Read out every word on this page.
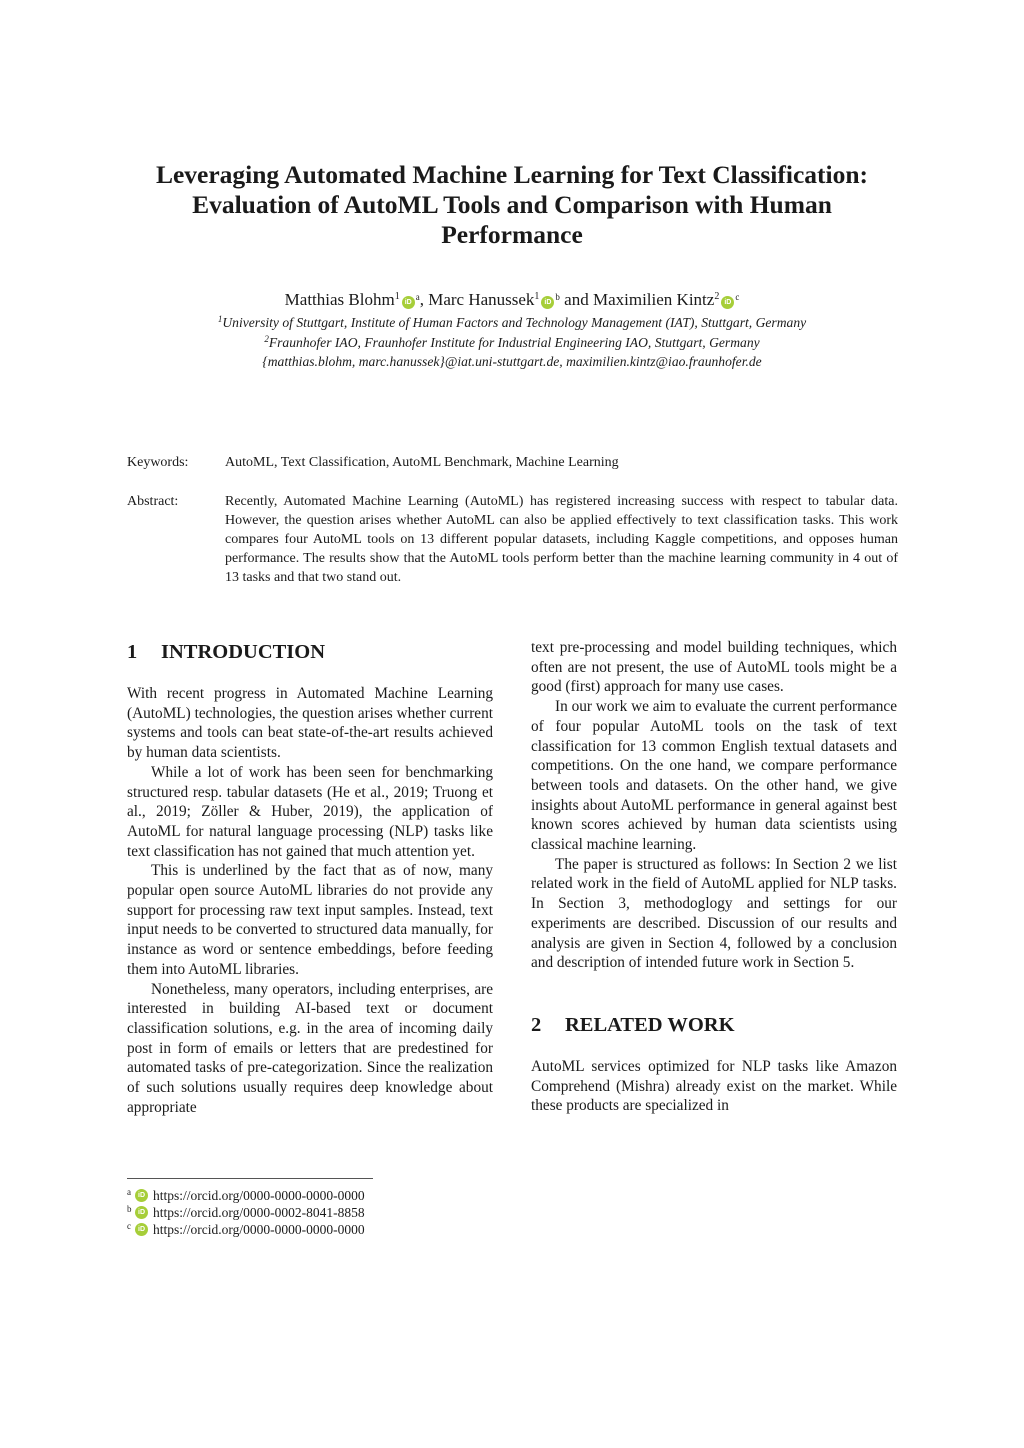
Leveraging Automated Machine Learning for Text Classification:
Evaluation of AutoML Tools and Comparison with Human
Performance
Matthias Blohm$^1$iD$^a$, Marc Hanussek$^1$iD$^b$ and Maximilien Kintz$^2$iD$^c$
$^1$University of Stuttgart, Institute of Human Factors and Technology Management (IAT), Stuttgart, Germany
$^2$Fraunhofer IAO, Fraunhofer Institute for Industrial Engineering IAO, Stuttgart, Germany
{matthias.blohm, marc.hanussek}@iat.uni-stuttgart.de, maximilien.kintz@iao.fraunhofer.de
Keywords:	AutoML, Text Classification, AutoML Benchmark, Machine Learning
Abstract:	Recently, Automated Machine Learning (AutoML) has registered increasing success with respect to tabular data. However, the question arises whether AutoML can also be applied effectively to text classification tasks. This work compares four AutoML tools on 13 different popular datasets, including Kaggle competitions, and opposes human performance. The results show that the AutoML tools perform better than the machine learning community in 4 out of 13 tasks and that two stand out.
1 INTRODUCTION

With recent progress in Automated Machine Learning (AutoML) technologies, the question arises whether current systems and tools can beat state-of-the-art results achieved by human data scientists.

While a lot of work has been seen for benchmarking structured resp. tabular datasets (He et al., 2019; Truong et al., 2019; Zöller & Huber, 2019), the application of AutoML for natural language processing (NLP) tasks like text classification has not gained that much attention yet.

This is underlined by the fact that as of now, many popular open source AutoML libraries do not provide any support for processing raw text input samples. Instead, text input needs to be converted to structured data manually, for instance as word or sentence embeddings, before feeding them into AutoML libraries.

Nonetheless, many operators, including enterprises, are interested in building AI-based text or document classification solutions, e.g. in the area of incoming daily post in form of emails or letters that are predestined for automated tasks of pre-categorization. Since the realization of such solutions usually requires deep knowledge about appropriate

text pre-processing and model building techniques, which often are not present, the use of AutoML tools might be a good (first) approach for many use cases.

In our work we aim to evaluate the current performance of four popular AutoML tools on the task of text classification for 13 common English textual datasets and competitions. On the one hand, we compare performance between tools and datasets. On the other hand, we give insights about AutoML performance in general against best known scores achieved by human data scientists using classical machine learning.

The paper is structured as follows: In Section 2 we list related work in the field of AutoML applied for NLP tasks. In Section 3, methodoglogy and settings for our experiments are described. Discussion of our results and analysis are given in Section 4, followed by a conclusion and description of intended future work in Section 5.

2 RELATED WORK

AutoML services optimized for NLP tasks like Amazon Comprehend (Mishra) already exist on the market. While these products are specialized in

a	iD https://orcid.org/0000-0000-0000-0000
b iD https://orcid.org/0000-0002-8041-8858
c	iD https://orcid.org/0000-0000-0000-0000
